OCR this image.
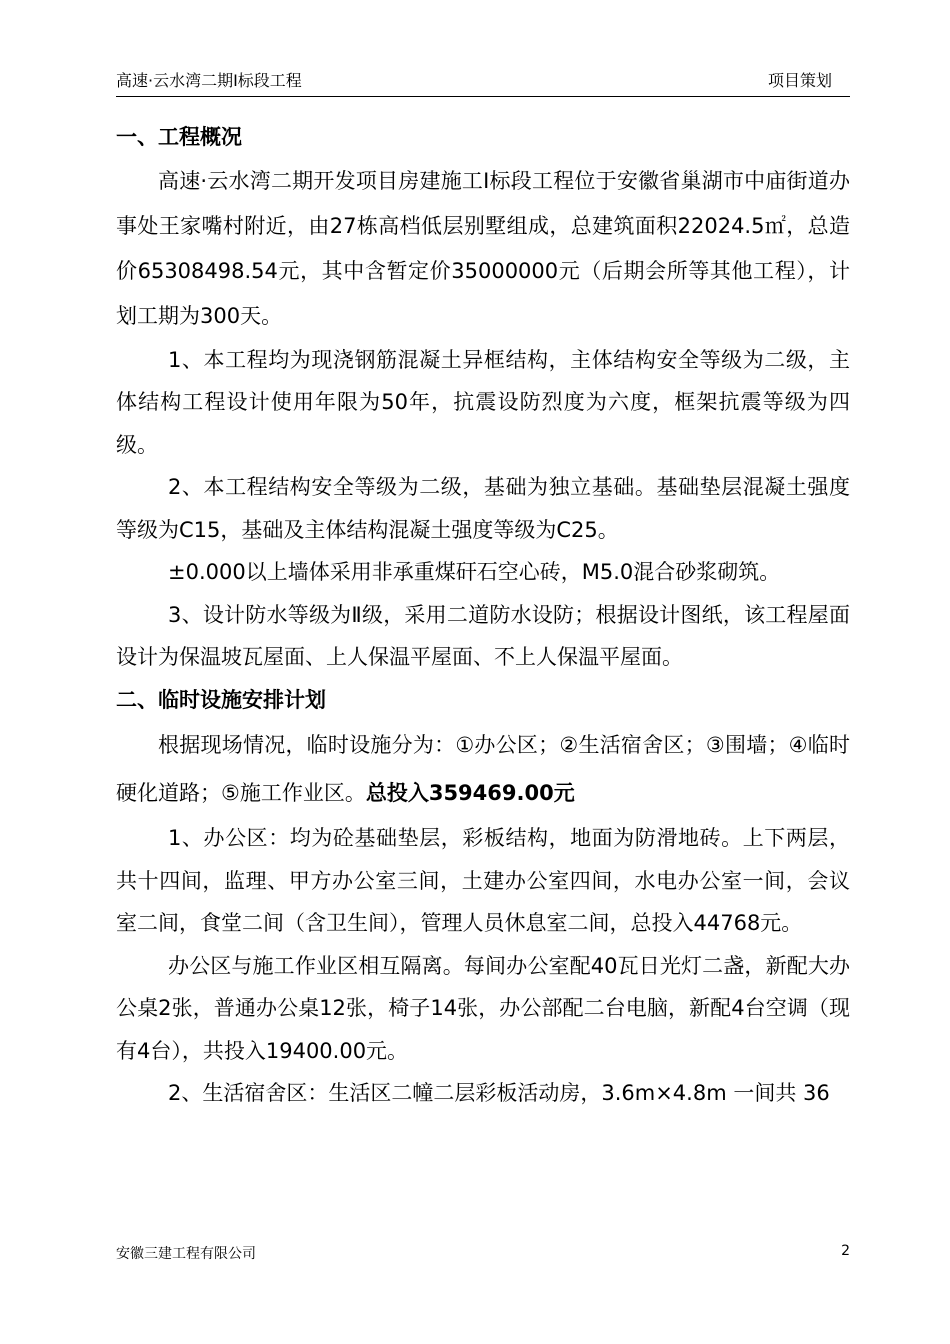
高速·云水湾二期Ⅰ标段工程	项目策划

一、工程概况

高速·云水湾二期开发项目房建施工Ⅰ标段工程位于安徽省巢湖市中庙街道办事处王家嘴村附近，由27栋高档低层别墅组成，总建筑面积22024.5㎡，总造价65308498.54元，其中含暂定价35000000元（后期会所等其他工程），计划工期为300天。

1、本工程均为现浇钢筋混凝土异框结构，主体结构安全等级为二级，主体结构工程设计使用年限为50年，抗震设防烈度为六度，框架抗震等级为四级。

2、本工程结构安全等级为二级，基础为独立基础。基础垫层混凝土强度等级为C15，基础及主体结构混凝土强度等级为C25。

±0.000以上墙体采用非承重煤矸石空心砖，M5.0混合砂浆砌筑。

3、设计防水等级为Ⅱ级，采用二道防水设防；根据设计图纸，该工程屋面设计为保温坡瓦屋面、上人保温平屋面、不上人保温平屋面。

二、临时设施安排计划

根据现场情况，临时设施分为：①办公区；②生活宿舍区；③围墙；④临时硬化道路；⑤施工作业区。总投入359469.00元

1、办公区：均为砼基础垫层，彩板结构，地面为防滑地砖。上下两层，共十四间，监理、甲方办公室三间，土建办公室四间，水电办公室一间，会议室二间，食堂二间（含卫生间），管理人员休息室二间，总投入44768元。

办公区与施工作业区相互隔离。每间办公室配40瓦日光灯二盏，新配大办公桌2张，普通办公桌12张，椅子14张，办公部配二台电脑，新配4台空调（现有4台），共投入19400.00元。

2、生活宿舍区：生活区二幢二层彩板活动房，3.6m×4.8m 一间共 36

安徽三建工程有限公司	2
